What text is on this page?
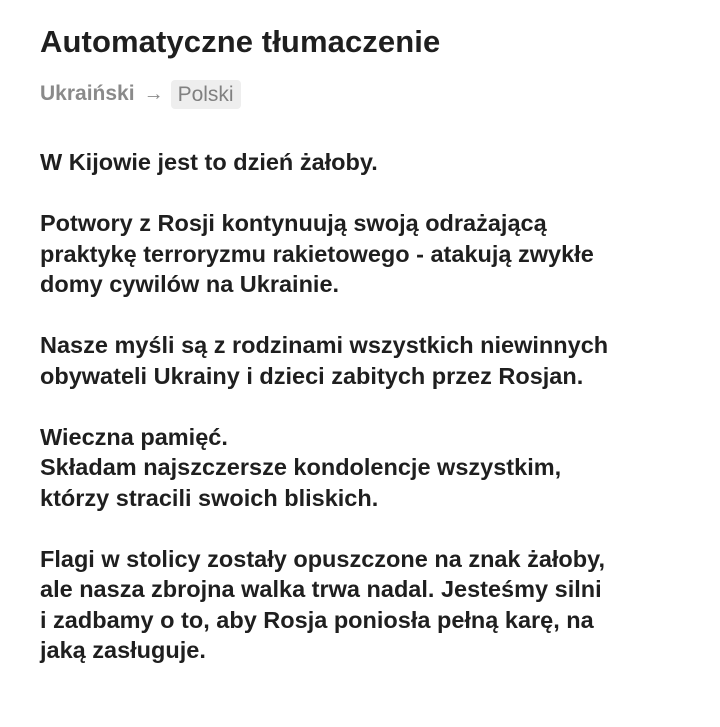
Automatyczne tłumaczenie
Ukraiński → Polski

W Kijowie jest to dzień żałoby.

Potwory z Rosji kontynuują swoją odrażającą
praktykę terroryzmu rakietowego - atakują zwykłe
domy cywilów na Ukrainie.

Nasze myśli są z rodzinami wszystkich niewinnych
obywateli Ukrainy i dzieci zabitych przez Rosjan.

Wieczna pamięć.
Składam najszczersze kondolencje wszystkim,
którzy stracili swoich bliskich.

Flagi w stolicy zostały opuszczone na znak żałoby,
ale nasza zbrojna walka trwa nadal. Jesteśmy silni
i zadbamy o to, aby Rosja poniosła pełną karę, na
jaką zasługuje.
